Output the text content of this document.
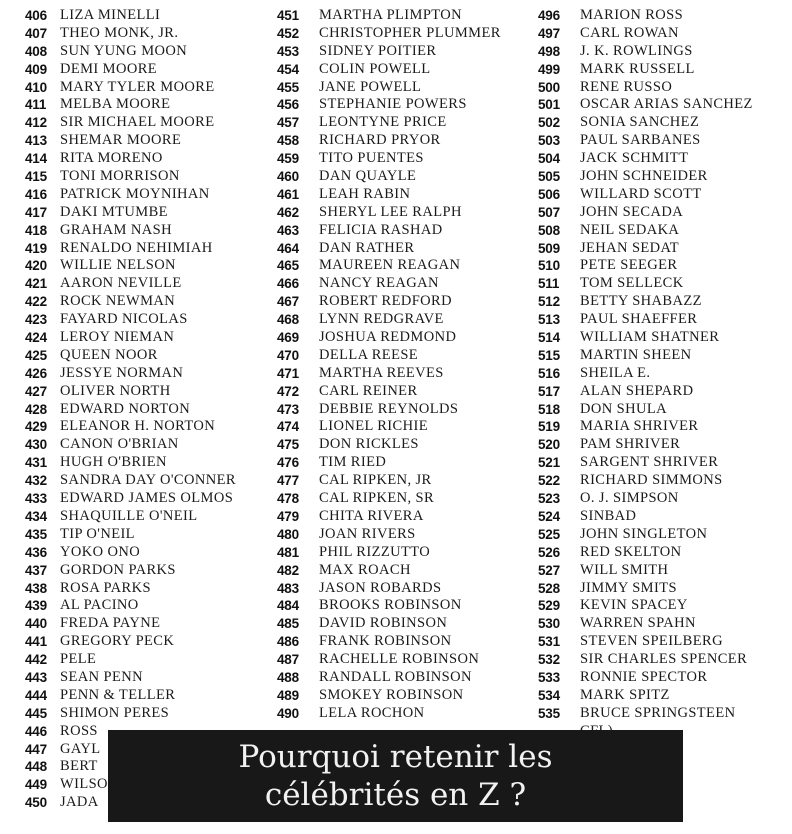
406 LIZA MINELLI
407 THEO MONK, JR.
408 SUN YUNG MOON
409 DEMI MOORE
410 MARY TYLER MOORE
411 MELBA MOORE
412 SIR MICHAEL MOORE
413 SHEMAR MOORE
414 RITA MORENO
415 TONI MORRISON
416 PATRICK MOYNIHAN
417 DAKI MTUMBE
418 GRAHAM NASH
419 RENALDO NEHIMIAH
420 WILLIE NELSON
421 AARON NEVILLE
422 ROCK NEWMAN
423 FAYARD NICOLAS
424 LEROY NIEMAN
425 QUEEN NOOR
426 JESSYE NORMAN
427 OLIVER NORTH
428 EDWARD NORTON
429 ELEANOR H. NORTON
430 CANON O'BRIAN
431 HUGH O'BRIEN
432 SANDRA DAY O'CONNER
433 EDWARD JAMES OLMOS
434 SHAQUILLE O'NEIL
435 TIP O'NEIL
436 YOKO ONO
437 GORDON PARKS
438 ROSA PARKS
439 AL PACINO
440 FREDA PAYNE
441 GREGORY PECK
442 PELE
443 SEAN PENN
444 PENN & TELLER
445 SHIMON PERES
446 ROSS
447 GAYL
448 BERT
449 WILSO
450 JADA
451	MARTHA PLIMPTON
452	CHRISTOPHER PLUMMER
453	SIDNEY POITIER
454	COLIN POWELL
455	JANE POWELL
456	STEPHANIE POWERS
457	LEONTYNE PRICE
458	RICHARD PRYOR
459	TITO PUENTES
460	DAN QUAYLE
461	LEAH RABIN
462	SHERYL LEE RALPH
463	FELICIA RASHAD
464	DAN RATHER
465	MAUREEN REAGAN
466	NANCY REAGAN
467	ROBERT REDFORD
468	LYNN REDGRAVE
469	JOSHUA REDMOND
470	DELLA REESE
471	MARTHA REEVES
472	CARL REINER
473	DEBBIE REYNOLDS
474	LIONEL RICHIE
475	DON RICKLES
476	TIM RIED
477	CAL RIPKEN, JR
478	CAL RIPKEN, SR
479	CHITA RIVERA
480	JOAN RIVERS
481	PHIL RIZZUTTO
482	MAX ROACH
483	JASON ROBARDS
484	BROOKS ROBINSON
485	DAVID ROBINSON
486	FRANK ROBINSON
487	RACHELLE ROBINSON
488	RANDALL ROBINSON
489	SMOKEY ROBINSON
490	LELA ROCHON
496	MARION ROSS
497	CARL ROWAN
498	J. K. ROWLINGS
499	MARK RUSSELL
500	RENE RUSSO
501	OSCAR ARIAS SANCHEZ
502	SONIA SANCHEZ
503	PAUL SARBANES
504	JACK SCHMITT
505	JOHN SCHNEIDER
506	WILLARD SCOTT
507	JOHN SECADA
508	NEIL SEDAKA
509	JEHAN SEDAT
510	PETE SEEGER
511	TOM SELLECK
512	BETTY SHABAZZ
513	PAUL SHAEFFER
514	WILLIAM SHATNER
515	MARTIN SHEEN
516	SHEILA E.
517	ALAN SHEPARD
518	DON SHULA
519	MARIA SHRIVER
520	PAM SHRIVER
521	SARGENT SHRIVER
522	RICHARD SIMMONS
523	O. J. SIMPSON
524	SINBAD
525	JOHN SINGLETON
526	RED SKELTON
527	WILL SMITH
528	JIMMY SMITS
529	KEVIN SPACEY
530	WARREN SPAHN
531	STEVEN SPEILBERG
532	SIR CHARLES SPENCER
533	RONNIE SPECTOR
534	MARK SPITZ
535	BRUCE SPRINGSTEEN
Pourquoi retenir les
célébrités en Z ?
